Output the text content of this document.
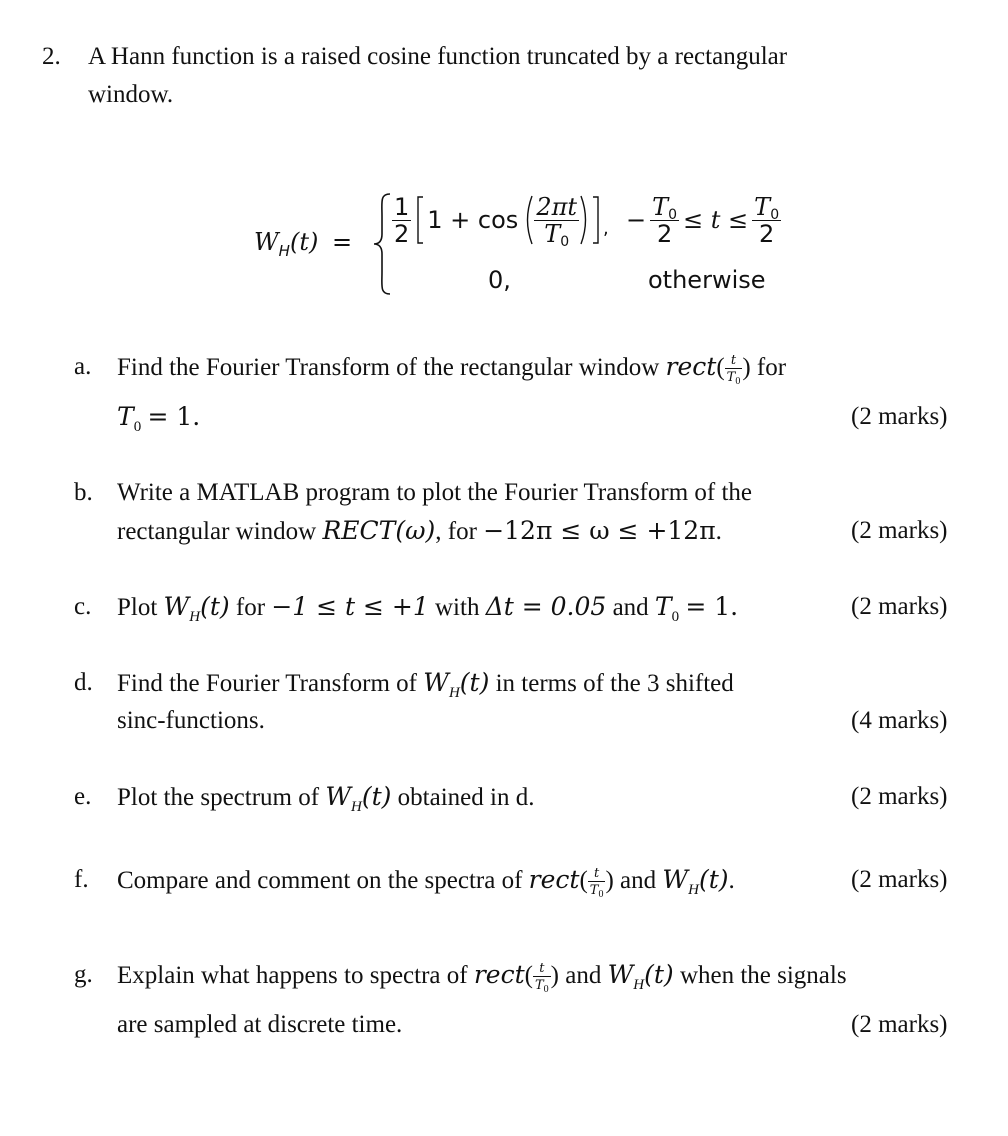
2. A Hann function is a raised cosine function truncated by a rectangular
window.
$W_H(t) = \frac{1}{2} 1 + \cos \frac{2\pi t}{T0}$ , − $\frac{T0}{2} \le t \le \frac{T0}{2}$
0,	otherwise
a. Find the Fourier Transform of the rectangular window rect( $\frac{t}{T_0}$ ) for
$T_0 = 1$.	(2 marks)
b. Write a MATLAB program to plot the Fourier Transform of the
rectangular window RECT(ω), for −12π ≤ ω ≤ +12π.	(2 marks)
c. Plot $W_H(t)$ for −1 ≤ t ≤ +1 with Δt = 0.05 and $T_0 = 1$.	(2 marks)
d. Find the Fourier Transform of $W_H(t)$ in terms of the 3 shifted
sinc-functions.	(4 marks)
e. Plot the spectrum of $W_H(t)$ obtained in d.	(2 marks)
f. Compare and comment on the spectra of rect( $\frac{t}{T_0}$ ) and $W_H(t)$.	(2 marks)
g. Explain what happens to spectra of rect( $\frac{t}{T_0}$ ) and $W_H(t)$ when the signals
are sampled at discrete time.	(2 marks)
